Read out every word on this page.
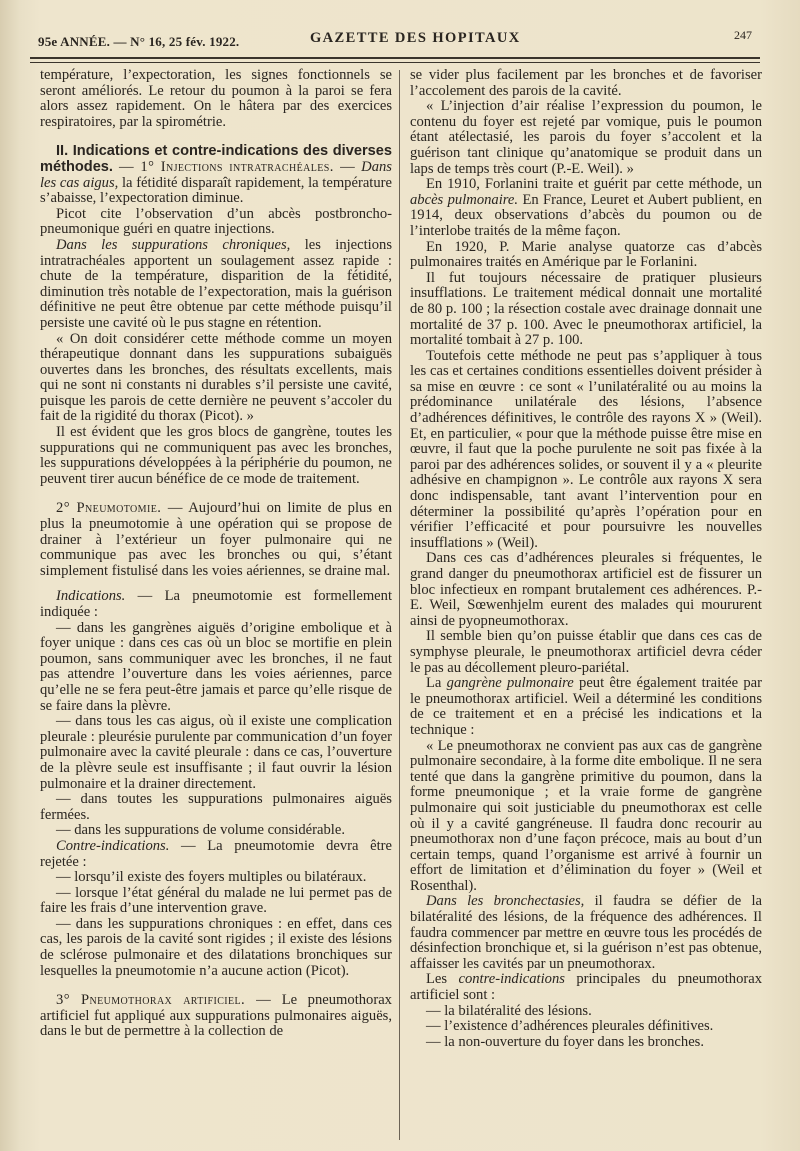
95e ANNÉE. — N° 16, 25 fév. 1922.	GAZETTE DES HOPITAUX	247

température, l’expectoration, les signes fonctionnels se seront améliorés. Le retour du poumon à la paroi se fera alors assez rapidement. On le hâtera par des exercices respiratoires, par la spirométrie.

II. Indications et contre-indications des diverses méthodes. — 1° Injections intratrachéales. — Dans les cas aigus, la fétidité disparaît rapidement, la température s’abaisse, l’expectoration diminue.

Picot cite l’observation d’un abcès postbroncho-pneumonique guéri en quatre injections.

Dans les suppurations chroniques, les injections intratrachéales apportent un soulagement assez rapide : chute de la température, disparition de la fétidité, diminution très notable de l’expectoration, mais la guérison définitive ne peut être obtenue par cette méthode puisqu’il persiste une cavité où le pus stagne en rétention.

« On doit considérer cette méthode comme un moyen thérapeutique donnant dans les suppurations subaiguës ouvertes dans les bronches, des résultats excellents, mais qui ne sont ni constants ni durables s’il persiste une cavité, puisque les parois de cette dernière ne peuvent s’accoler du fait de la rigidité du thorax (Picot). »

Il est évident que les gros blocs de gangrène, toutes les suppurations qui ne communiquent pas avec les bronches, les suppurations développées à la périphérie du poumon, ne peuvent tirer aucun bénéfice de ce mode de traitement.

2° Pneumotomie. — Aujourd’hui on limite de plus en plus la pneumotomie à une opération qui se propose de drainer à l’extérieur un foyer pulmonaire qui ne communique pas avec les bronches ou qui, s’étant simplement fistulisé dans les voies aériennes, se draine mal.

Indications. — La pneumotomie est formellement indiquée :

— dans les gangrènes aiguës d’origine embolique et à foyer unique : dans ces cas où un bloc se mortifie en plein poumon, sans communiquer avec les bronches, il ne faut pas attendre l’ouverture dans les voies aériennes, parce qu’elle ne se fera peut-être jamais et parce qu’elle risque de se faire dans la plèvre.

— dans tous les cas aigus, où il existe une complication pleurale : pleurésie purulente par communication d’un foyer pulmonaire avec la cavité pleurale : dans ce cas, l’ouverture de la plèvre seule est insuffisante ; il faut ouvrir la lésion pulmonaire et la drainer directement.

— dans toutes les suppurations pulmonaires aiguës fermées.

— dans les suppurations de volume considérable.

Contre-indications. — La pneumotomie devra être rejetée :

— lorsqu’il existe des foyers multiples ou bilatéraux.

— lorsque l’état général du malade ne lui permet pas de faire les frais d’une intervention grave.

— dans les suppurations chroniques : en effet, dans ces cas, les parois de la cavité sont rigides ; il existe des lésions de sclérose pulmonaire et des dilatations bronchiques sur lesquelles la pneumotomie n’a aucune action (Picot).

3° Pneumothorax artificiel. — Le pneumothorax artificiel fut appliqué aux suppurations pulmonaires aiguës, dans le but de permettre à la collection de

se vider plus facilement par les bronches et de favoriser l’accolement des parois de la cavité.

« L’injection d’air réalise l’expression du poumon, le contenu du foyer est rejeté par vomique, puis le poumon étant atélectasié, les parois du foyer s’accolent et la guérison tant clinique qu’anatomique se produit dans un laps de temps très court (P.-E. Weil). »

En 1910, Forlanini traite et guérit par cette méthode, un abcès pulmonaire. En France, Leuret et Aubert publient, en 1914, deux observations d’abcès du poumon ou de l’interlobe traités de la même façon.

En 1920, P. Marie analyse quatorze cas d’abcès pulmonaires traités en Amérique par le Forlanini.

Il fut toujours nécessaire de pratiquer plusieurs insufflations. Le traitement médical donnait une mortalité de 80 p. 100 ; la résection costale avec drainage donnait une mortalité de 37 p. 100. Avec le pneumothorax artificiel, la mortalité tombait à 27 p. 100.

Toutefois cette méthode ne peut pas s’appliquer à tous les cas et certaines conditions essentielles doivent présider à sa mise en œuvre : ce sont « l’unilatéralité ou au moins la prédominance unilatérale des lésions, l’absence d’adhérences définitives, le contrôle des rayons X » (Weil). Et, en particulier, « pour que la méthode puisse être mise en œuvre, il faut que la poche purulente ne soit pas fixée à la paroi par des adhérences solides, or souvent il y a « pleurite adhésive en champignon ». Le contrôle aux rayons X sera donc indispensable, tant avant l’intervention pour en déterminer la possibilité qu’après l’opération pour en vérifier l’efficacité et pour poursuivre les nouvelles insufflations » (Weil).

Dans ces cas d’adhérences pleurales si fréquentes, le grand danger du pneumothorax artificiel est de fissurer un bloc infectieux en rompant brutalement ces adhérences. P.-E. Weil, Sœwenhjelm eurent des malades qui moururent ainsi de pyopneumothorax.

Il semble bien qu’on puisse établir que dans ces cas de symphyse pleurale, le pneumothorax artificiel devra céder le pas au décollement pleuro-pariétal.

La gangrène pulmonaire peut être également traitée par le pneumothorax artificiel. Weil a déterminé les conditions de ce traitement et en a précisé les indications et la technique :

« Le pneumothorax ne convient pas aux cas de gangrène pulmonaire secondaire, à la forme dite embolique. Il ne sera tenté que dans la gangrène primitive du poumon, dans la forme pneumonique ; et la vraie forme de gangrène pulmonaire qui soit justiciable du pneumothorax est celle où il y a cavité gangréneuse. Il faudra donc recourir au pneumothorax non d’une façon précoce, mais au bout d’un certain temps, quand l’organisme est arrivé à fournir un effort de limitation et d’élimination du foyer » (Weil et Rosenthal).

Dans les bronchectasies, il faudra se défier de la bilatéralité des lésions, de la fréquence des adhérences. Il faudra commencer par mettre en œuvre tous les procédés de désinfection bronchique et, si la guérison n’est pas obtenue, affaisser les cavités par un pneumothorax.

Les contre-indications principales du pneumothorax artificiel sont :

— la bilatéralité des lésions.

— l’existence d’adhérences pleurales définitives.

— la non-ouverture du foyer dans les bronches.
